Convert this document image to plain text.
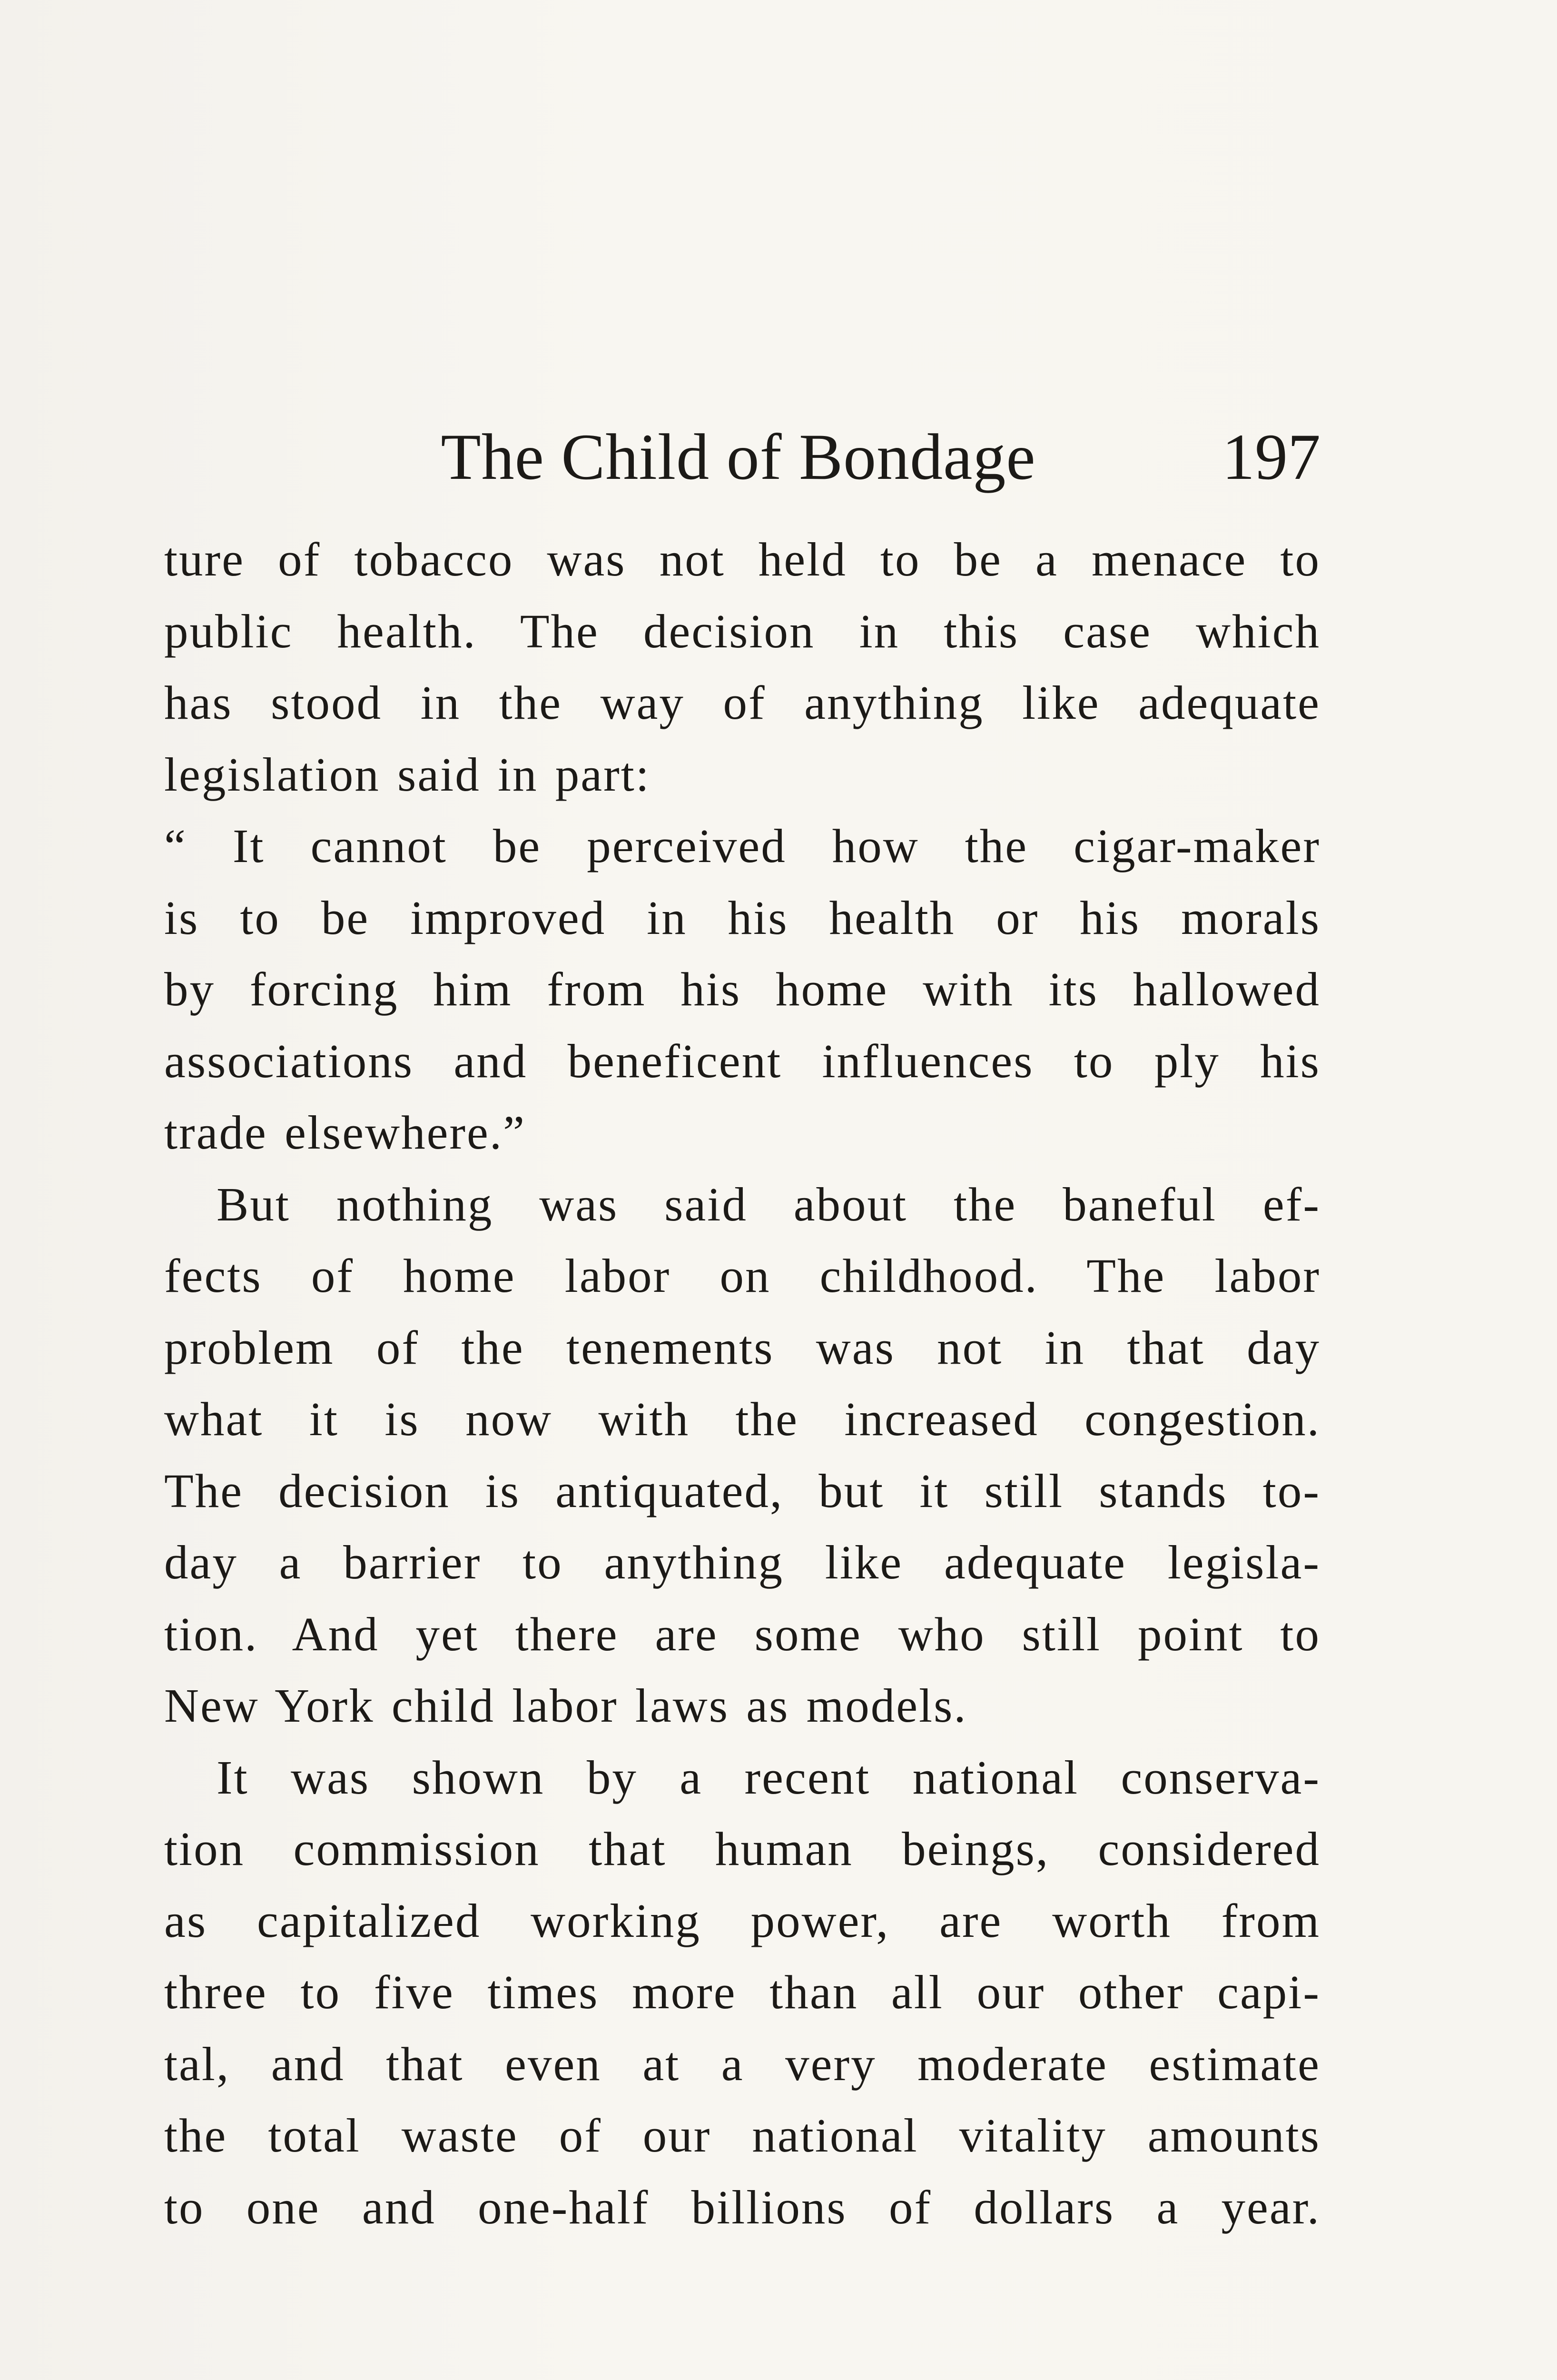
The Child of Bondage	197
ture of tobacco was not held to be a menace to
public health. The decision in this case which
has stood in the way of anything like adequate
legislation said in part:
“ It cannot be perceived how the cigar-maker
is to be improved in his health or his morals
by forcing him from his home with its hallowed
associations and beneficent influences to ply his
trade elsewhere.”
But nothing was said about the baneful ef-
fects of home labor on childhood. The labor
problem of the tenements was not in that day
what it is now with the increased congestion.
The decision is antiquated, but it still stands to-
day a barrier to anything like adequate legisla-
tion. And yet there are some who still point to
New York child labor laws as models.
It was shown by a recent national conserva-
tion commission that human beings, considered
as capitalized working power, are worth from
three to five times more than all our other capi-
tal, and that even at a very moderate estimate
the total waste of our national vitality amounts
to one and one-half billions of dollars a year.
